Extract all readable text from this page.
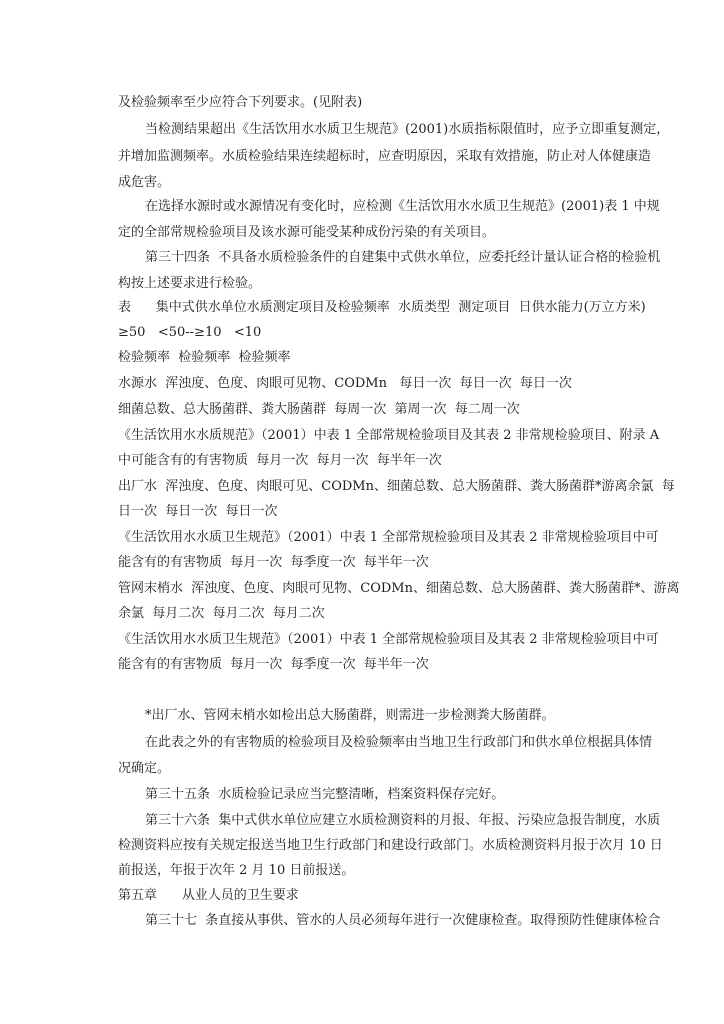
及检验频率至少应符合下列要求。(见附表)
当检测结果超出《生活饮用水水质卫生规范》(2001)水质指标限值时，应予立即重复测定，
并增加监测频率。水质检验结果连续超标时，应查明原因，采取有效措施，防止对人体健康造
成危害。
在选择水源时或水源情况有变化时，应检测《生活饮用水水质卫生规范》(2001)表 1 中规
定的全部常规检验项目及该水源可能受某种成份污染的有关项目。
第三十四条  不具备水质检验条件的自建集中式供水单位，应委托经计量认证合格的检验机
构按上述要求进行检验。
表      集中式供水单位水质测定项目及检验频率  水质类型  测定项目  日供水能力(万立方米)
≥50   <50--≥10   <10
检验频率  检验频率  检验频率
水源水  浑浊度、色度、肉眼可见物、CODMn   每日一次  每日一次  每日一次
细菌总数、总大肠菌群、粪大肠菌群  每周一次  第周一次  每二周一次
《生活饮用水水质规范》（2001）中表 1 全部常规检验项目及其表 2 非常规检验项目、附录 A
中可能含有的有害物质  每月一次  每月一次  每半年一次
出厂水  浑浊度、色度、肉眼可见、CODMn、细菌总数、总大肠菌群、粪大肠菌群*游离余氯  每
日一次  每日一次  每日一次
《生活饮用水水质卫生规范》（2001）中表 1 全部常规检验项目及其表 2 非常规检验项目中可
能含有的有害物质  每月一次  每季度一次  每半年一次
管网末梢水  浑浊度、色度、肉眼可见物、CODMn、细菌总数、总大肠菌群、粪大肠菌群*、游离
余氯  每月二次  每月二次  每月二次
《生活饮用水水质卫生规范》（2001）中表 1 全部常规检验项目及其表 2 非常规检验项目中可
能含有的有害物质  每月一次  每季度一次  每半年一次
*出厂水、管网末梢水如检出总大肠菌群，则需进一步检测粪大肠菌群。
在此表之外的有害物质的检验项目及检验频率由当地卫生行政部门和供水单位根据具体情
况确定。
第三十五条  水质检验记录应当完整清晰，档案资料保存完好。
第三十六条  集中式供水单位应建立水质检测资料的月报、年报、污染应急报告制度，水质
检测资料应按有关规定报送当地卫生行政部门和建设行政部门。水质检测资料月报于次月 10 日
前报送，年报于次年 2 月 10 日前报送。
第五章      从业人员的卫生要求
第三十七  条直接从事供、管水的人员必须每年进行一次健康检查。取得预防性健康体检合
